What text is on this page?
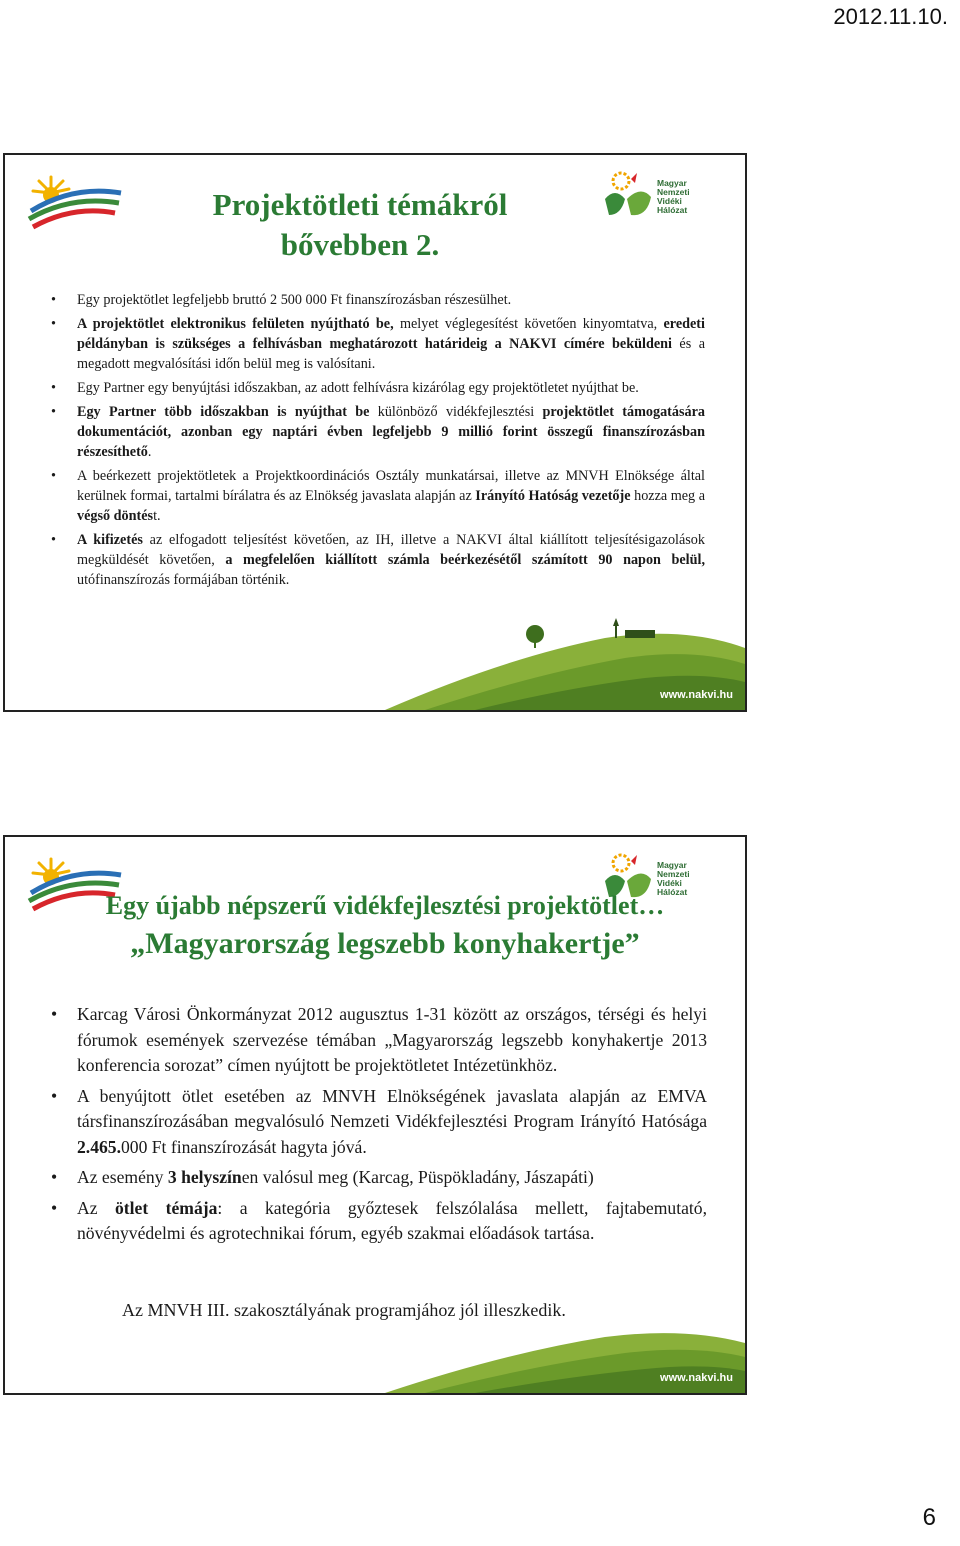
2012.11.10.
Magyar
Nemzeti
Vidéki
Hálózat
Projektötleti témákról
bővebben 2.
• Egy projektötlet legfeljebb bruttó 2 500 000 Ft finanszírozásban részesülhet.
• A projektötlet elektronikus felületen nyújtható be, melyet véglegesítést követően kinyomtatva, eredeti példányban is szükséges a felhívásban meghatározott határideig a NAKVI címére beküldeni és a megadott megvalósítási időn belül meg is valósítani.
• Egy Partner egy benyújtási időszakban, az adott felhívásra kizárólag egy projektötletet nyújthat be.
• Egy Partner több időszakban is nyújthat be különböző vidékfejlesztési projektötlet támogatására dokumentációt, azonban egy naptári évben legfeljebb 9 millió forint összegű finanszírozásban részesíthető.
• A beérkezett projektötletek a Projektkoordinációs Osztály munkatársai, illetve az MNVH Elnöksége által kerülnek formai, tartalmi bírálatra és az Elnökség javaslata alapján az Irányító Hatóság vezetője hozza meg a végső döntést.
• A kifizetés az elfogadott teljesítést követően, az IH, illetve a NAKVI által kiállított teljesítésigazolások megküldését követően, a megfelelően kiállított számla beérkezésétől számított 90 napon belül, utófinanszírozás formájában történik.
www.nakvi.hu
Magyar
Nemzeti
Vidéki
Hálózat
Egy újabb népszerű vidékfejlesztési projektötlet…
„Magyarország legszebb konyhakertje”
• Karcag Városi Önkormányzat 2012 augusztus 1-31 között az országos, térségi és helyi fórumok események szervezése témában „Magyarország legszebb konyhakertje 2013 konferencia sorozat” címen nyújtott be projektötletet Intézetünkhöz.
• A benyújtott ötlet esetében az MNVH Elnökségének javaslata alapján az EMVA társfinanszírozásában megvalósuló Nemzeti Vidékfejlesztési Program Irányító Hatósága 2.465.000 Ft finanszírozását hagyta jóvá.
• Az esemény 3 helyszínen valósul meg (Karcag, Püspökladány, Jászapáti)
• Az ötlet témája: a kategória győztesek felszólalása mellett, fajtabemutató, növényvédelmi és agrotechnikai fórum, egyéb szakmai előadások tartása.
Az MNVH III. szakosztályának programjához jól illeszkedik.
www.nakvi.hu
6
